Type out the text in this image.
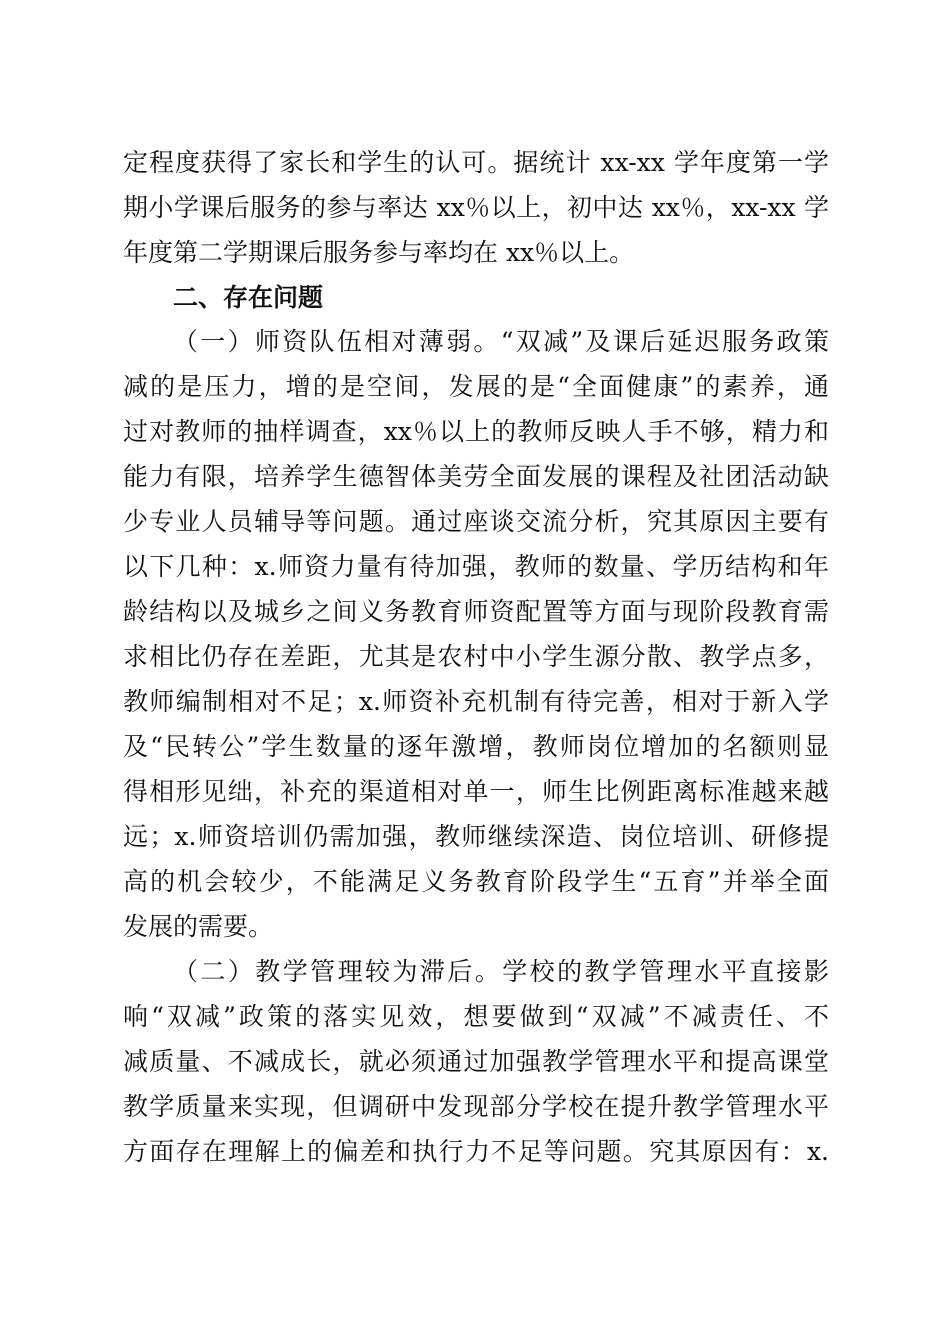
定程度获得了家长和学生的认可。据统计 xx-xx 学年度第一学
期小学课后服务的参与率达 xx％以上，初中达 xx％，xx-xx 学
年度第二学期课后服务参与率均在 xx％以上。
二、存在问题
（一）师资队伍相对薄弱。“双减”及课后延迟服务政策
减的是压力，增的是空间，发展的是“全面健康”的素养，通
过对教师的抽样调查，xx％以上的教师反映人手不够，精力和
能力有限，培养学生德智体美劳全面发展的课程及社团活动缺
少专业人员辅导等问题。通过座谈交流分析，究其原因主要有
以下几种：x.师资力量有待加强，教师的数量、学历结构和年
龄结构以及城乡之间义务教育师资配置等方面与现阶段教育需
求相比仍存在差距，尤其是农村中小学生源分散、教学点多，
教师编制相对不足；x.师资补充机制有待完善，相对于新入学
及“民转公”学生数量的逐年激增，教师岗位增加的名额则显
得相形见绌，补充的渠道相对单一，师生比例距离标准越来越
远；x.师资培训仍需加强，教师继续深造、岗位培训、研修提
高的机会较少，不能满足义务教育阶段学生“五育”并举全面
发展的需要。
（二）教学管理较为滞后。学校的教学管理水平直接影
响“双减”政策的落实见效，想要做到“双减”不减责任、不
减质量、不减成长，就必须通过加强教学管理水平和提高课堂
教学质量来实现，但调研中发现部分学校在提升教学管理水平
方面存在理解上的偏差和执行力不足等问题。究其原因有：x.
